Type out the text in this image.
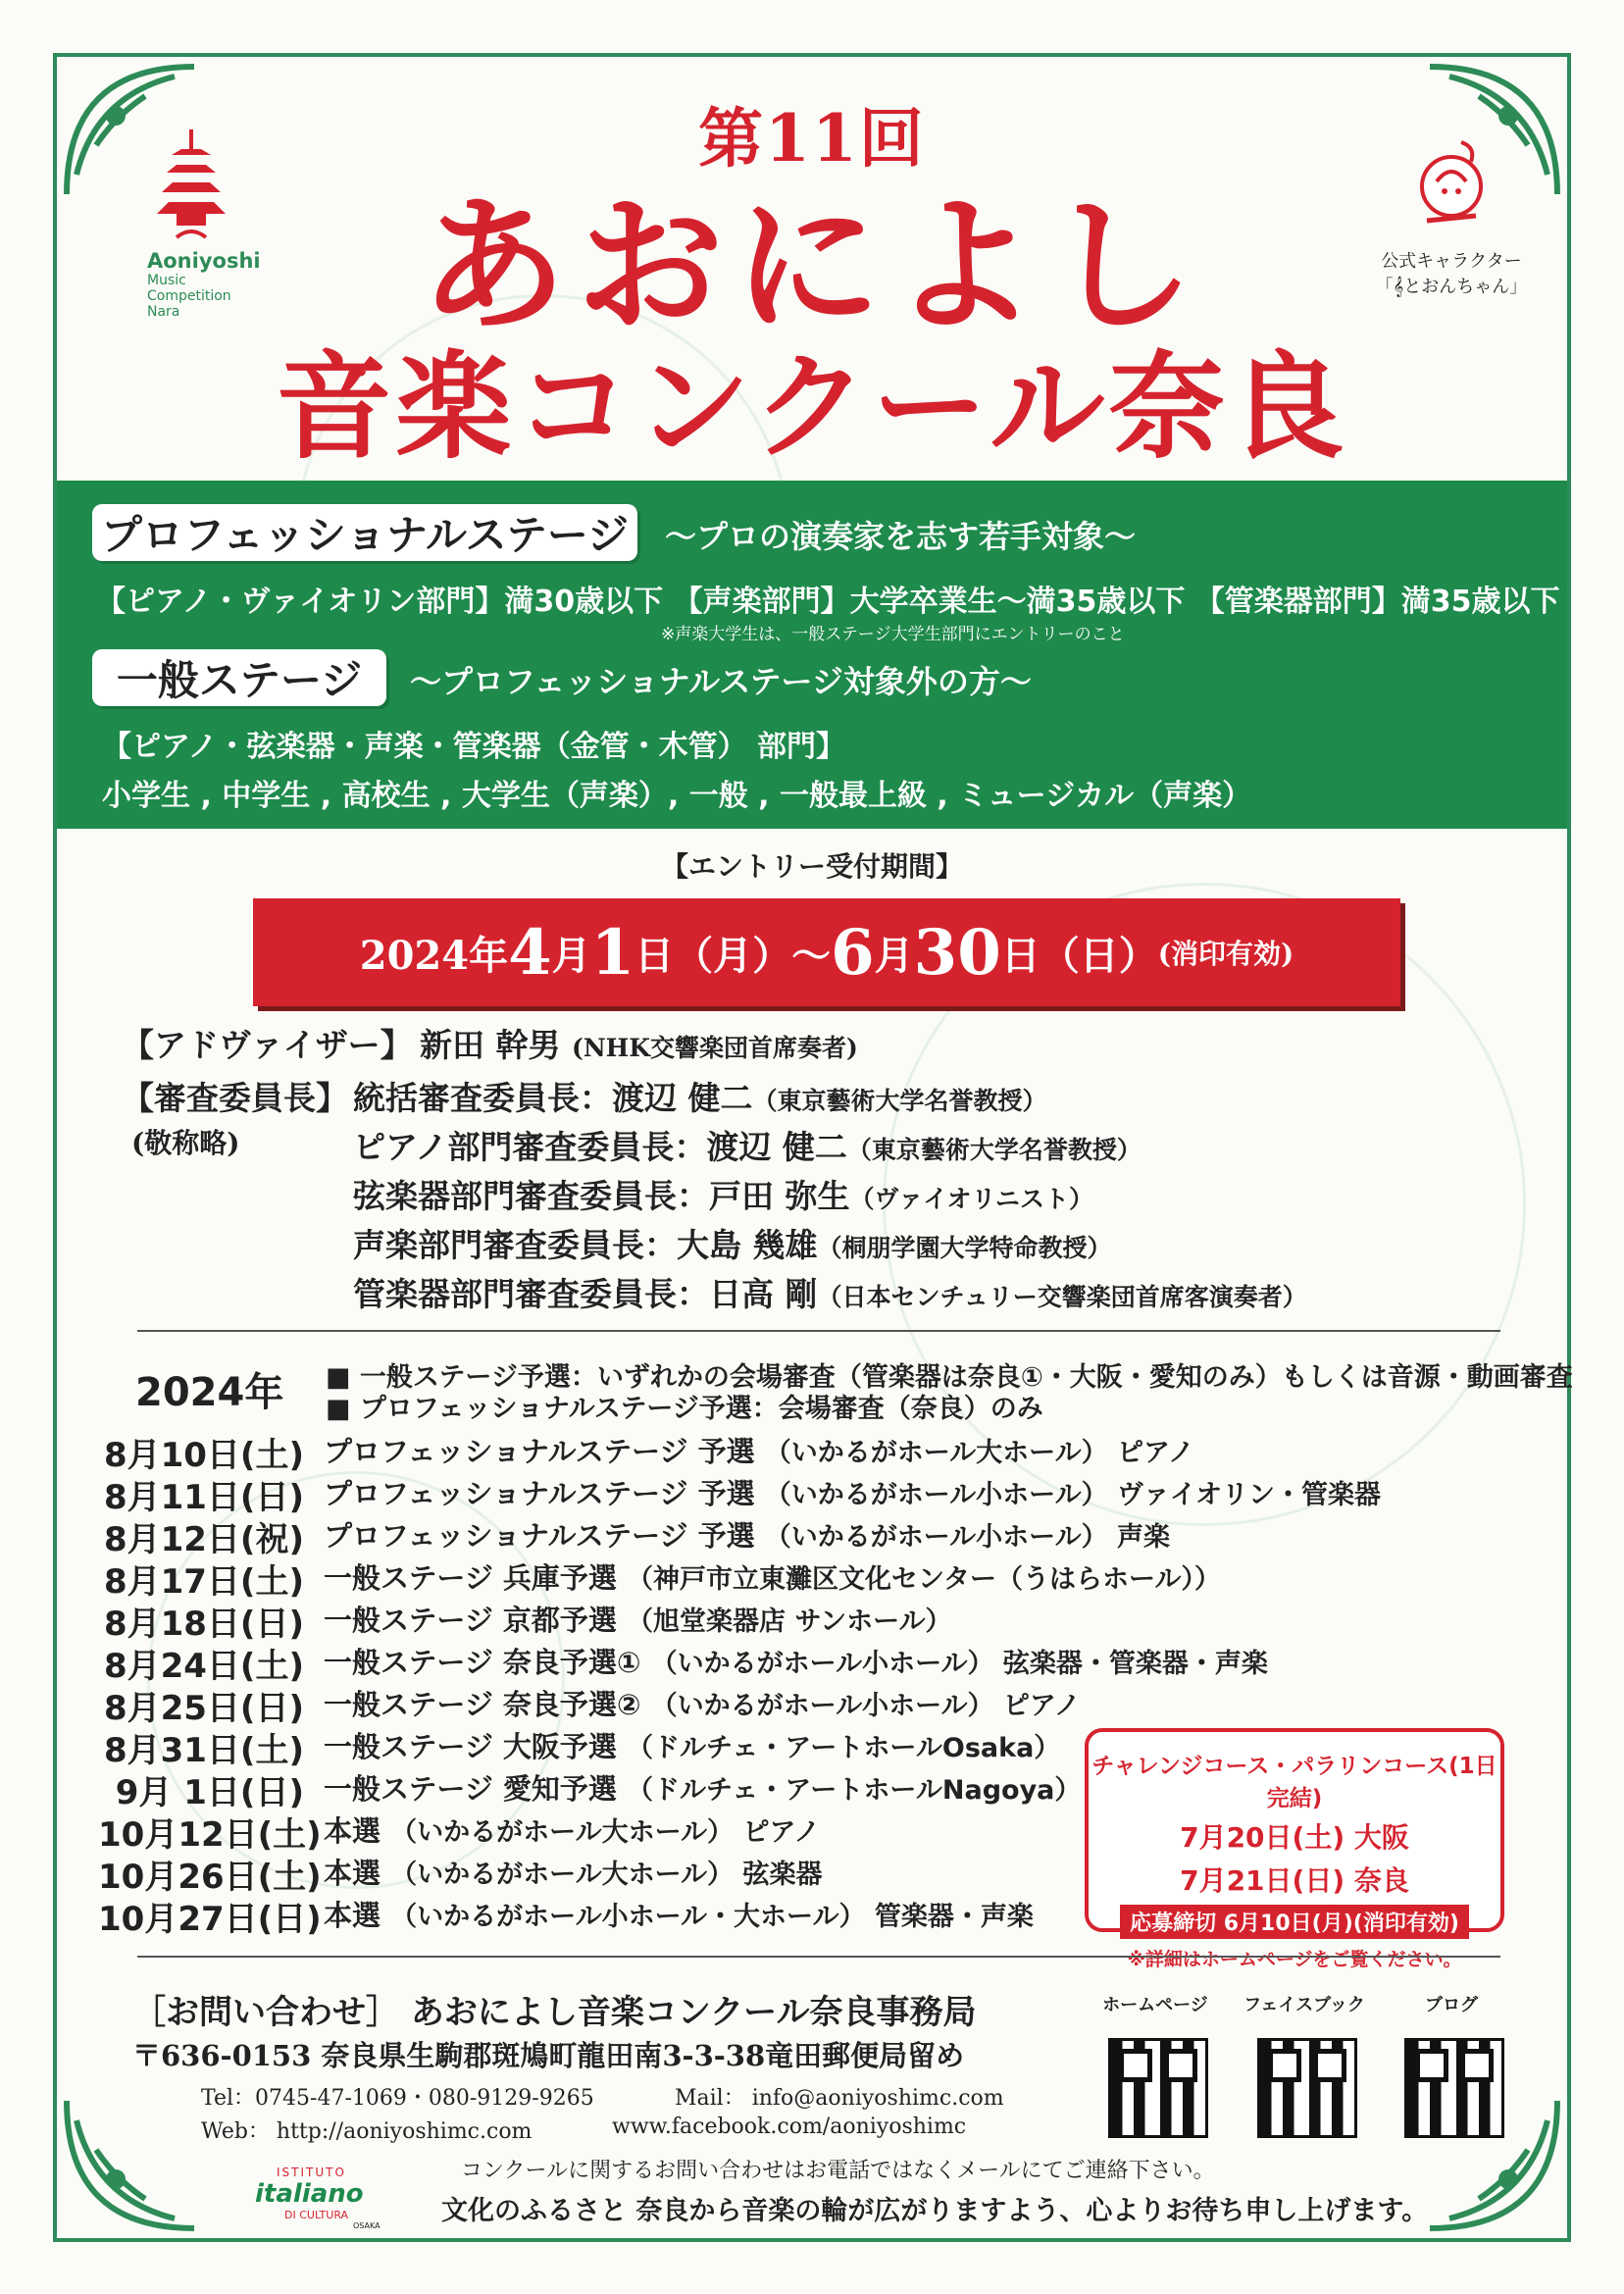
第11回
あおによし
音楽コンクール奈良
Aoniyoshi
Music
Competition
Nara
公式キャラクター
「𝄞とおんちゃん」
プロフェッショナルステージ ～プロの演奏家を志す若手対象～
【ピアノ・ヴァイオリン部門】満30歳以下 【声楽部門】大学卒業生～満35歳以下 【管楽器部門】満35歳以下
※声楽大学生は、一般ステージ大学生部門にエントリーのこと
一般ステージ	～プロフェッショナルステージ対象外の方～
【ピアノ・弦楽器・声楽・管楽器（金管・木管） 部門】
小学生 , 中学生 , 高校生 , 大学生（声楽）, 一般 , 一般最上級 , ミュージカル（声楽）
【エントリー受付期間】
2024年 4 月 1 日（月）～ 6 月 30 日（日） (消印有効)
【アドヴァイザー】 新田 幹男 (NHK交響楽団首席奏者)
【審査委員長】
(敬称略)
統括審査委員長：渡辺 健二（東京藝術大学名誉教授）
ピアノ部門審査委員長：渡辺 健二（東京藝術大学名誉教授）
弦楽器部門審査委員長：戸田 弥生（ヴァイオリニスト）
声楽部門審査委員長：大島 幾雄（桐朋学園大学特命教授）
管楽器部門審査委員長：日高 剛（日本センチュリー交響楽団首席客演奏者）
2024年 ■ 一般ステージ予選：いずれかの会場審査（管楽器は奈良①・大阪・愛知のみ）もしくは音源・動画審査
■ プロフェッショナルステージ予選：会場審査（奈良）のみ
8月10日(土) プロフェッショナルステージ 予選 （いかるがホール大ホール） ピアノ
8月11日(日) プロフェッショナルステージ 予選 （いかるがホール小ホール） ヴァイオリン・管楽器
8月12日(祝) プロフェッショナルステージ 予選 （いかるがホール小ホール） 声楽
8月17日(土) 一般ステージ 兵庫予選 （神戸市立東灘区文化センター（うはらホール））
8月18日(日) 一般ステージ 京都予選 （旭堂楽器店 サンホール）
8月24日(土) 一般ステージ 奈良予選① （いかるがホール小ホール） 弦楽器・管楽器・声楽
8月25日(日) 一般ステージ 奈良予選② （いかるがホール小ホール） ピアノ
8月31日(土) 一般ステージ 大阪予選 （ドルチェ・アートホールOsaka）
9月 1日(日) 一般ステージ 愛知予選 （ドルチェ・アートホールNagoya）
10月12日(土) 本選 （いかるがホール大ホール） ピアノ
10月26日(土) 本選 （いかるがホール大ホール） 弦楽器
10月27日(日) 本選 （いかるがホール小ホール・大ホール） 管楽器・声楽
チャレンジコース・パラリンコース(1日完結)
7月20日(土) 大阪
7月21日(日) 奈良
応募締切 6月10日(月)(消印有効)
※詳細はホームページをご覧ください。
［お問い合わせ］ あおによし音楽コンクール奈良事務局
〒636-0153 奈良県生駒郡斑鳩町龍田南3-3-38竜田郵便局留め
Tel：0745-47-1069・080-9129-9265	Mail： info@aoniyoshimc.com
Web： http://aoniyoshimc.com	www.facebook.com/aoniyoshimc
ホームページ	フェイスブック	ブログ
ISTITUTO
italiano
DI CULTURA
OSAKA
コンクールに関するお問い合わせはお電話ではなくメールにてご連絡下さい。
文化のふるさと 奈良から音楽の輪が広がりますよう、心よりお待ち申し上げます。
